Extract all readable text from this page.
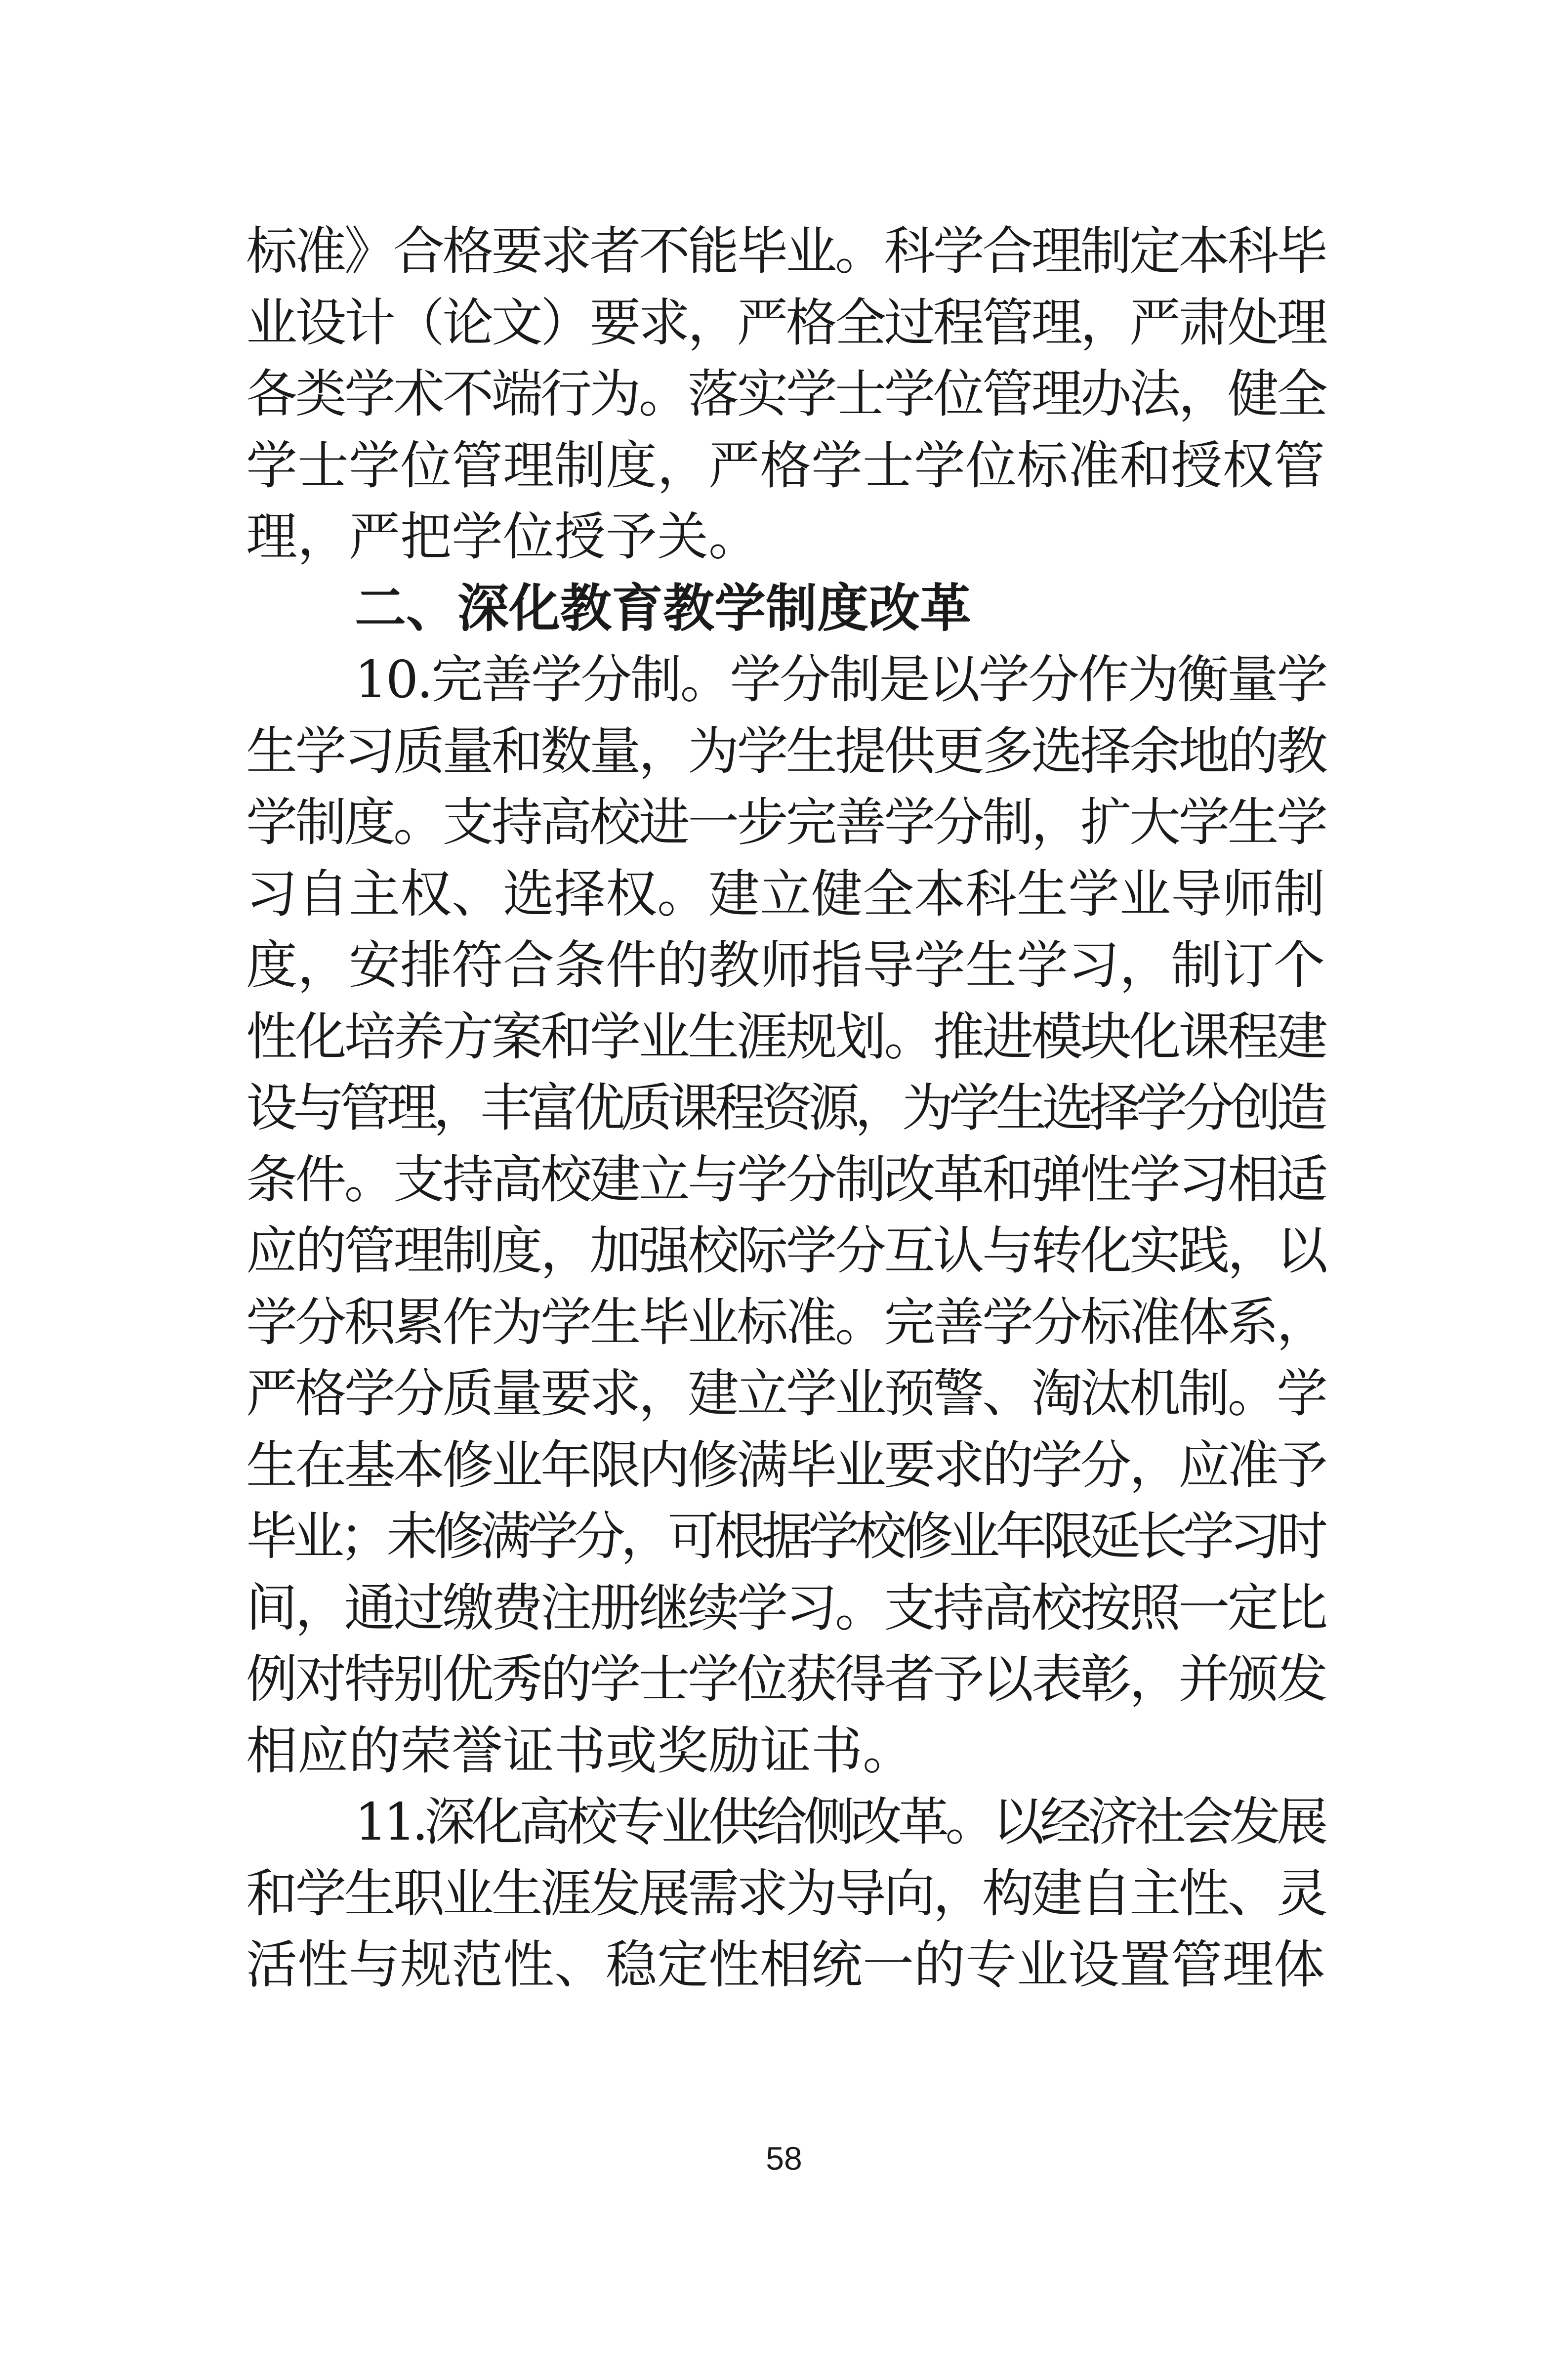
标准》合格要求者不能毕业。科学合理制定本科毕
业设计（论文）要求，严格全过程管理，严肃处理
各类学术不端行为。落实学士学位管理办法，健全
学士学位管理制度，严格学士学位标准和授权管
理，严把学位授予关。
二、深化教育教学制度改革
10.完善学分制。学分制是以学分作为衡量学
生学习质量和数量，为学生提供更多选择余地的教
学制度。支持高校进一步完善学分制，扩大学生学
习自主权、选择权。建立健全本科生学业导师制
度，安排符合条件的教师指导学生学习，制订个
性化培养方案和学业生涯规划。推进模块化课程建
设与管理，丰富优质课程资源，为学生选择学分创造
条件。支持高校建立与学分制改革和弹性学习相适
应的管理制度，加强校际学分互认与转化实践，以
学分积累作为学生毕业标准。完善学分标准体系，
严格学分质量要求，建立学业预警、淘汰机制。学
生在基本修业年限内修满毕业要求的学分，应准予
毕业；未修满学分，可根据学校修业年限延长学习时
间，通过缴费注册继续学习。支持高校按照一定比
例对特别优秀的学士学位获得者予以表彰，并颁发
相应的荣誉证书或奖励证书。
11.深化高校专业供给侧改革。以经济社会发展
和学生职业生涯发展需求为导向，构建自主性、灵
活性与规范性、稳定性相统一的专业设置管理体
58
